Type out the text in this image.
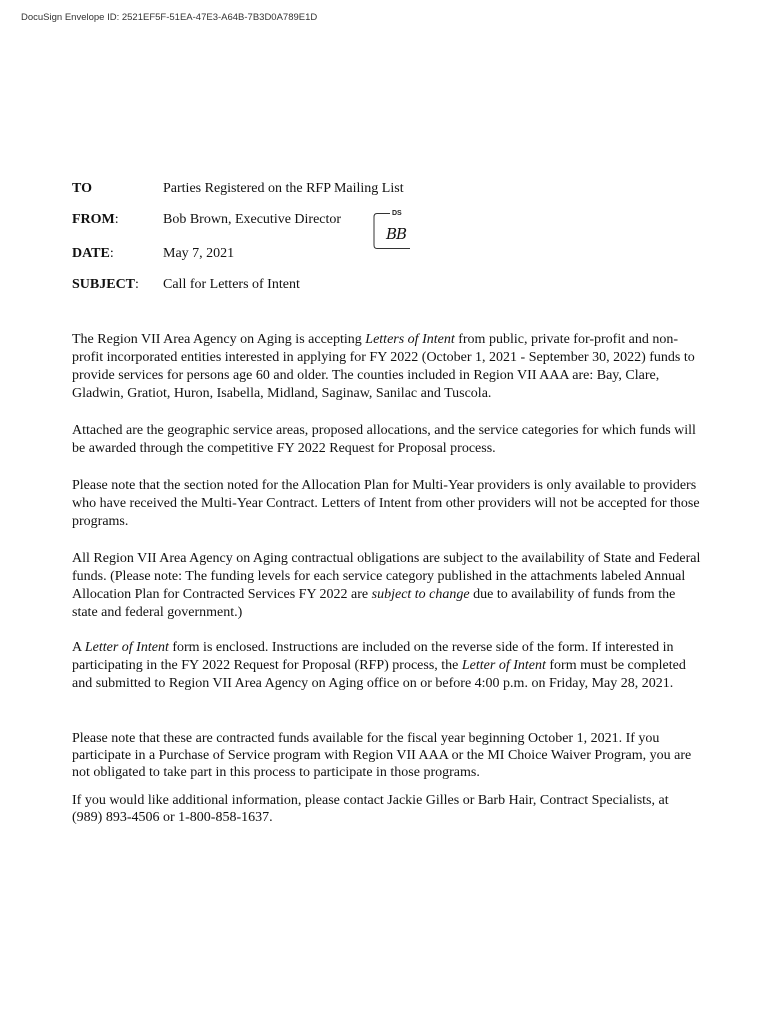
DocuSign Envelope ID: 2521EF5F-51EA-47E3-A64B-7B3D0A789E1D
TO	Parties Registered on the RFP Mailing List
FROM:	Bob Brown, Executive Director
DATE:	May 7, 2021
SUBJECT: Call for Letters of Intent
DS
BB

The Region VII Area Agency on Aging is accepting Letters of Intent from public, private for-profit and non-profit incorporated entities interested in applying for FY 2022 (October 1, 2021 - September 30, 2022) funds to provide services for persons age 60 and older. The counties included in Region VII AAA are: Bay, Clare, Gladwin, Gratiot, Huron, Isabella, Midland, Saginaw, Sanilac and Tuscola.

Attached are the geographic service areas, proposed allocations, and the service categories for which funds will be awarded through the competitive FY 2022 Request for Proposal process.

Please note that the section noted for the Allocation Plan for Multi-Year providers is only available to providers who have received the Multi-Year Contract. Letters of Intent from other providers will not be accepted for those programs.

All Region VII Area Agency on Aging contractual obligations are subject to the availability of State and Federal funds. (Please note: The funding levels for each service category published in the attachments labeled Annual Allocation Plan for Contracted Services FY 2022 are subject to change due to availability of funds from the state and federal government.)

A Letter of Intent form is enclosed. Instructions are included on the reverse side of the form. If interested in participating in the FY 2022 Request for Proposal (RFP) process, the Letter of Intent form must be completed and submitted to Region VII Area Agency on Aging office on or before 4:00 p.m. on Friday, May 28, 2021.

Please note that these are contracted funds available for the fiscal year beginning October 1, 2021. If you participate in a Purchase of Service program with Region VII AAA or the MI Choice Waiver Program, you are not obligated to take part in this process to participate in those programs.

If you would like additional information, please contact Jackie Gilles or Barb Hair, Contract Specialists, at (989) 893-4506 or 1-800-858-1637.
